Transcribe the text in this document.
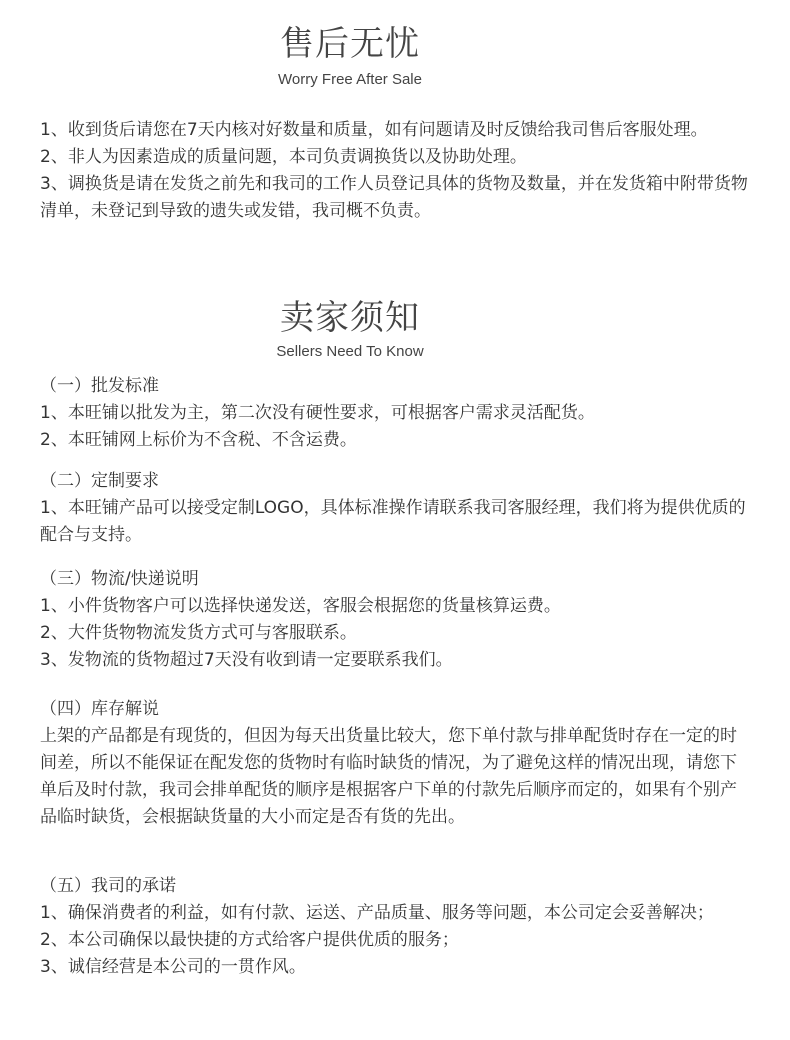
售后无忧
Worry Free After Sale

1、收到货后请您在7天内核对好数量和质量，如有问题请及时反馈给我司售后客服处理。

2、非人为因素造成的质量问题，本司负责调换货以及协助处理。

3、调换货是请在发货之前先和我司的工作人员登记具体的货物及数量，并在发货箱中附带货物清单，未登记到导致的遗失或发错，我司概不负责。

卖家须知
Sellers Need To Know

（一）批发标准

1、本旺铺以批发为主，第二次没有硬性要求，可根据客户需求灵活配货。

2、本旺铺网上标价为不含税、不含运费。

（二）定制要求

1、本旺铺产品可以接受定制LOGO，具体标准操作请联系我司客服经理，我们将为提供优质的配合与支持。

（三）物流/快递说明

1、小件货物客户可以选择快递发送，客服会根据您的货量核算运费。

2、大件货物物流发货方式可与客服联系。

3、发物流的货物超过7天没有收到请一定要联系我们。

（四）库存解说

上架的产品都是有现货的，但因为每天出货量比较大，您下单付款与排单配货时存在一定的时间差，所以不能保证在配发您的货物时有临时缺货的情况，为了避免这样的情况出现，请您下单后及时付款，我司会排单配货的顺序是根据客户下单的付款先后顺序而定的，如果有个别产品临时缺货，会根据缺货量的大小而定是否有货的先出。

（五）我司的承诺

1、确保消费者的利益，如有付款、运送、产品质量、服务等问题，本公司定会妥善解决；

2、本公司确保以最快捷的方式给客户提供优质的服务；

3、诚信经营是本公司的一贯作风。
